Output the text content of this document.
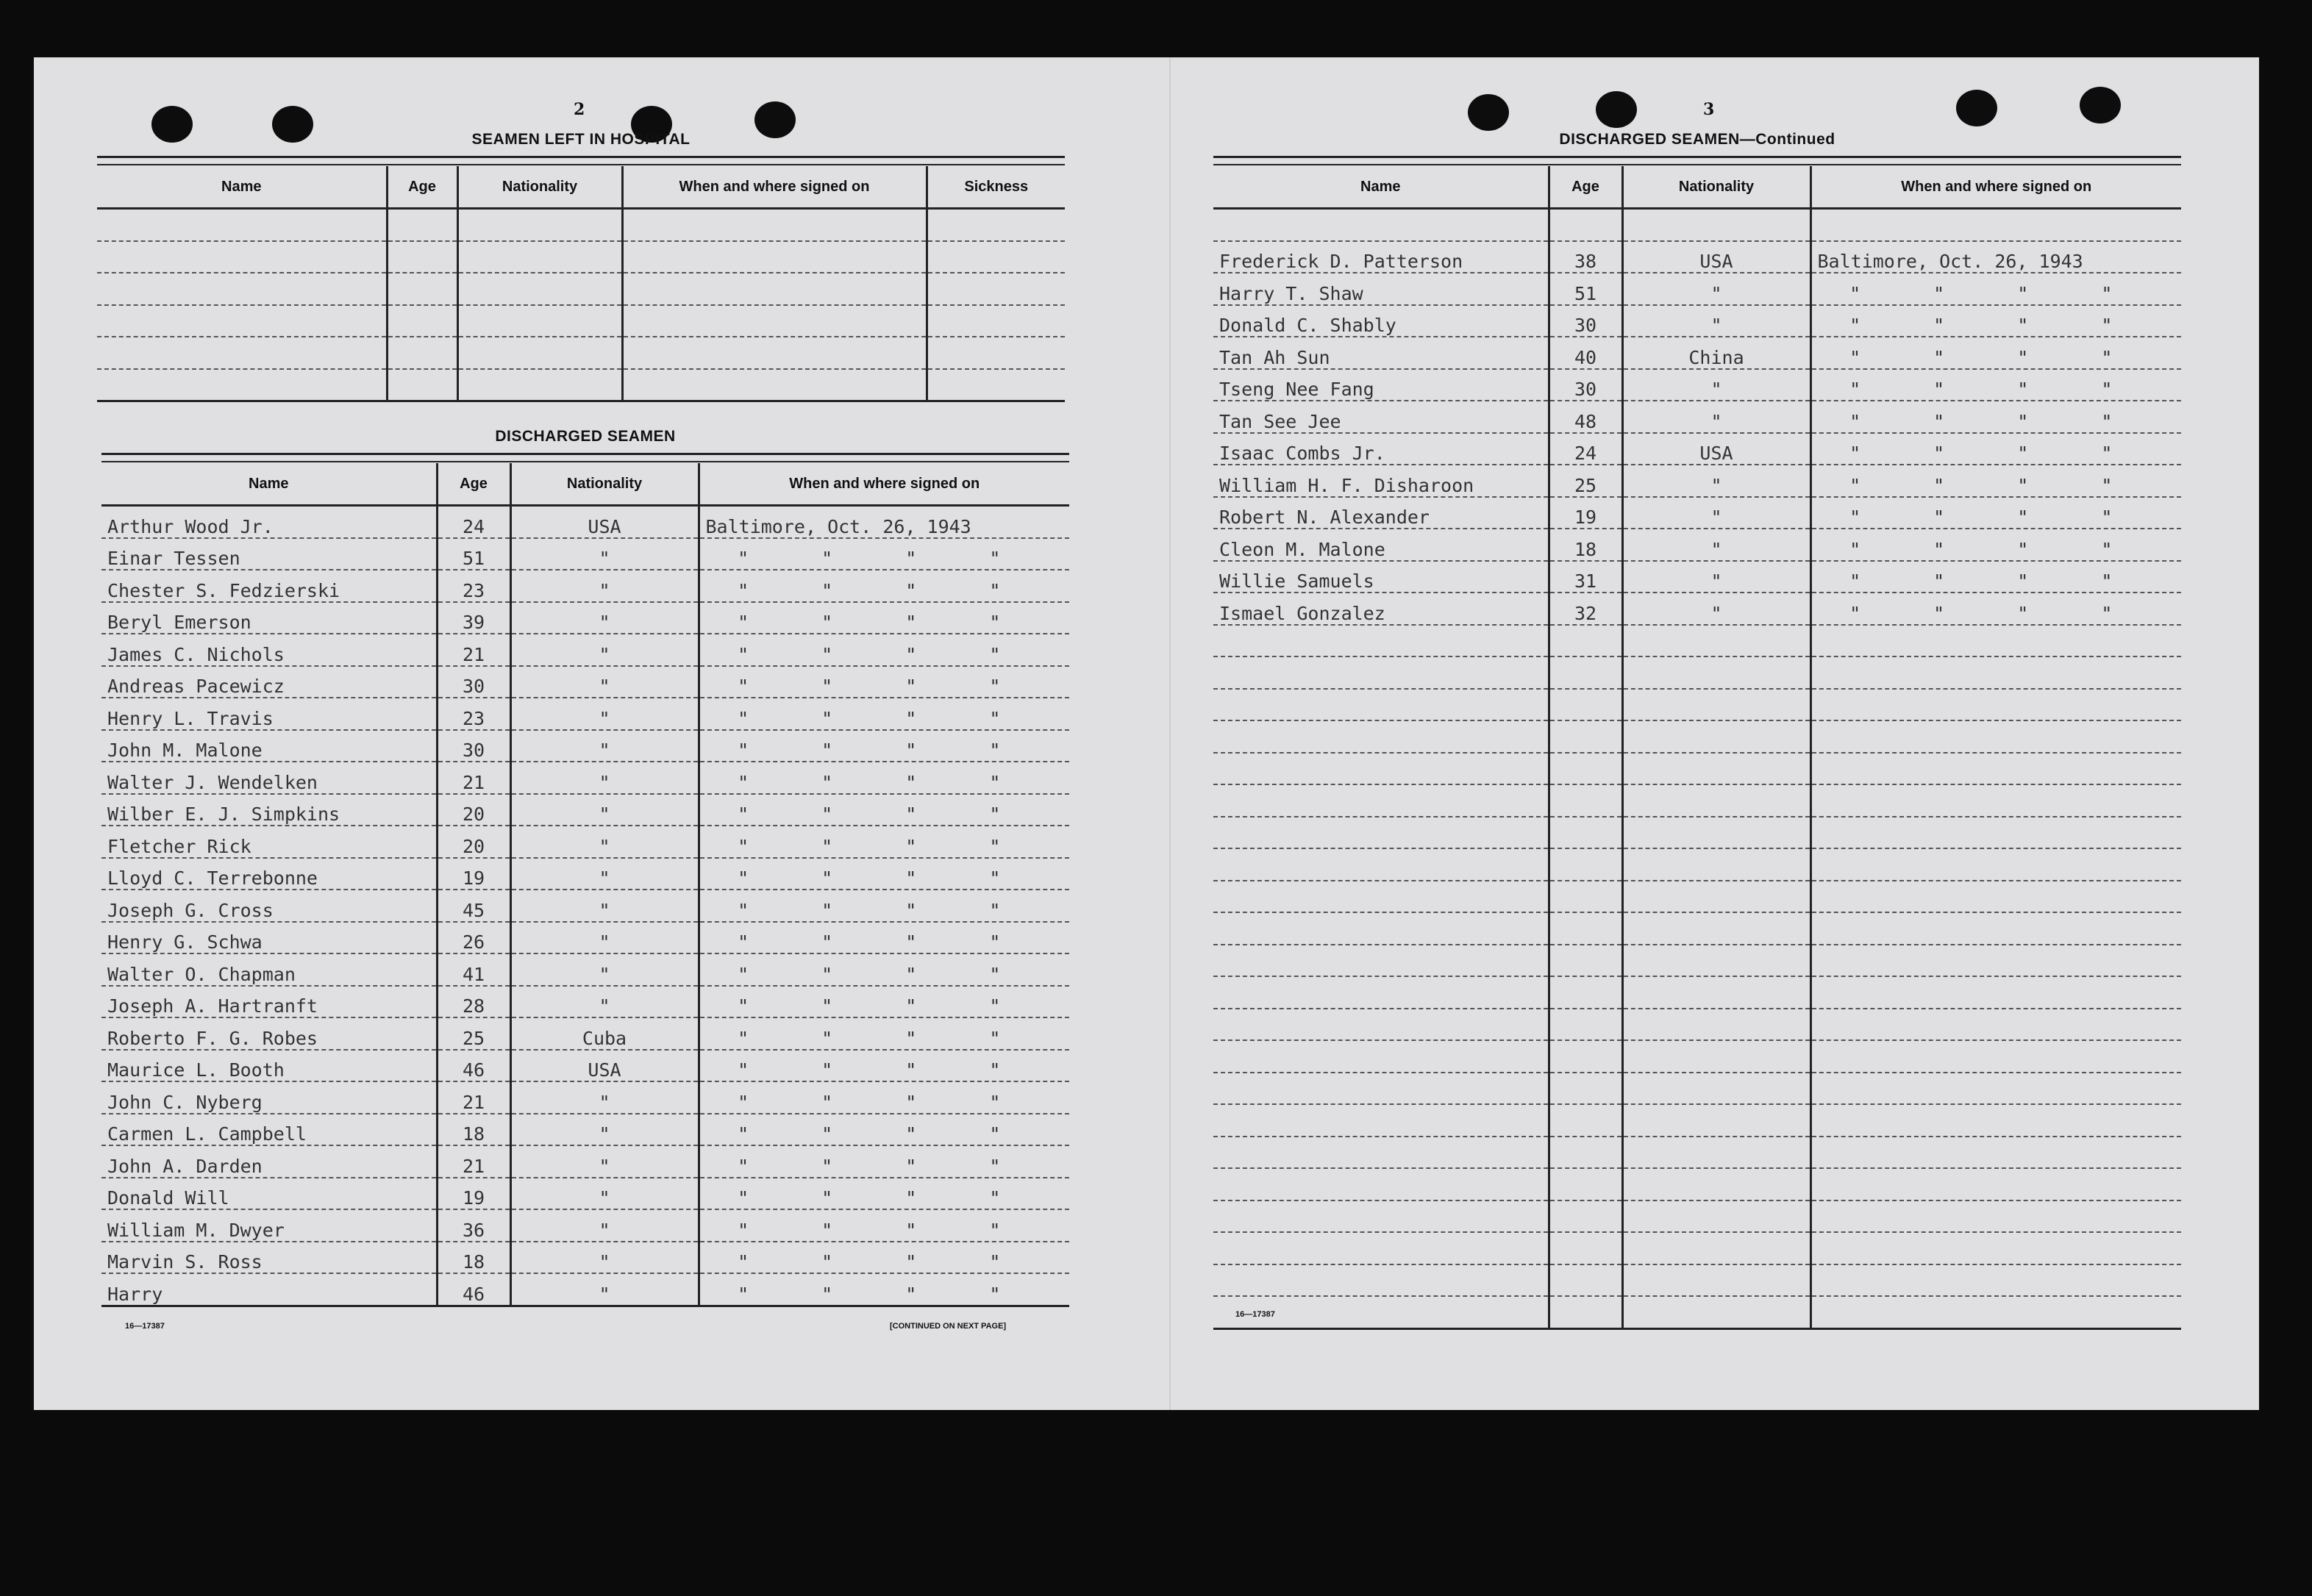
2
SEAMEN LEFT IN HOSPITAL
Name	Age	Nationality	When and where signed on	Sickness

DISCHARGED SEAMEN
Name	Age	Nationality	When and where signed on
Arthur Wood Jr.	24	USA	Baltimore, Oct. 26, 1943
Einar Tessen	51	"	" " " "
Chester S. Fedzierski	23	"	" " " "
Beryl Emerson	39	"	" " " "
James C. Nichols	21	"	" " " "
Andreas Pacewicz	30	"	" " " "
Henry L. Travis	23	"	" " " "
John M. Malone	30	"	" " " "
Walter J. Wendelken	21	"	" " " "
Wilber E. J. Simpkins	20	"	" " " "
Fletcher Rick	20	"	" " " "
Lloyd C. Terrebonne	19	"	" " " "
Joseph G. Cross	45	"	" " " "
Henry G. Schwa	26	"	" " " "
Walter O. Chapman	41	"	" " " "
Joseph A. Hartranft	28	"	" " " "
Roberto F. G. Robes	25	Cuba	" " " "
Maurice L. Booth	46	USA	" " " "
John C. Nyberg	21	"	" " " "
Carmen L. Campbell	18	"	" " " "
John A. Darden	21	"	" " " "
Donald Will	19	"	" " " "
William M. Dwyer	36	"	" " " "
Marvin S. Ross	18	"	" " " "
Harry	46	"	" " " "
16—17387	[CONTINUED ON NEXT PAGE]
3
DISCHARGED SEAMEN—Continued
Name	Age	Nationality	When and where signed on

Frederick D. Patterson	38	USA	Baltimore, Oct. 26, 1943
Harry T. Shaw	51	"	" " " "
Donald C. Shably	30	"	" " " "
Tan Ah Sun	40	China	" " " "
Tseng Nee Fang	30	"	" " " "
Tan See Jee	48	"	" " " "
Isaac Combs Jr.	24	USA	" " " "
William H. F. Disharoon	25	"	" " " "
Robert N. Alexander	19	"	" " " "
Cleon M. Malone	18	"	" " " "
Willie Samuels	31	"	" " " "
Ismael Gonzalez	32	"	" " " "

16—17387
